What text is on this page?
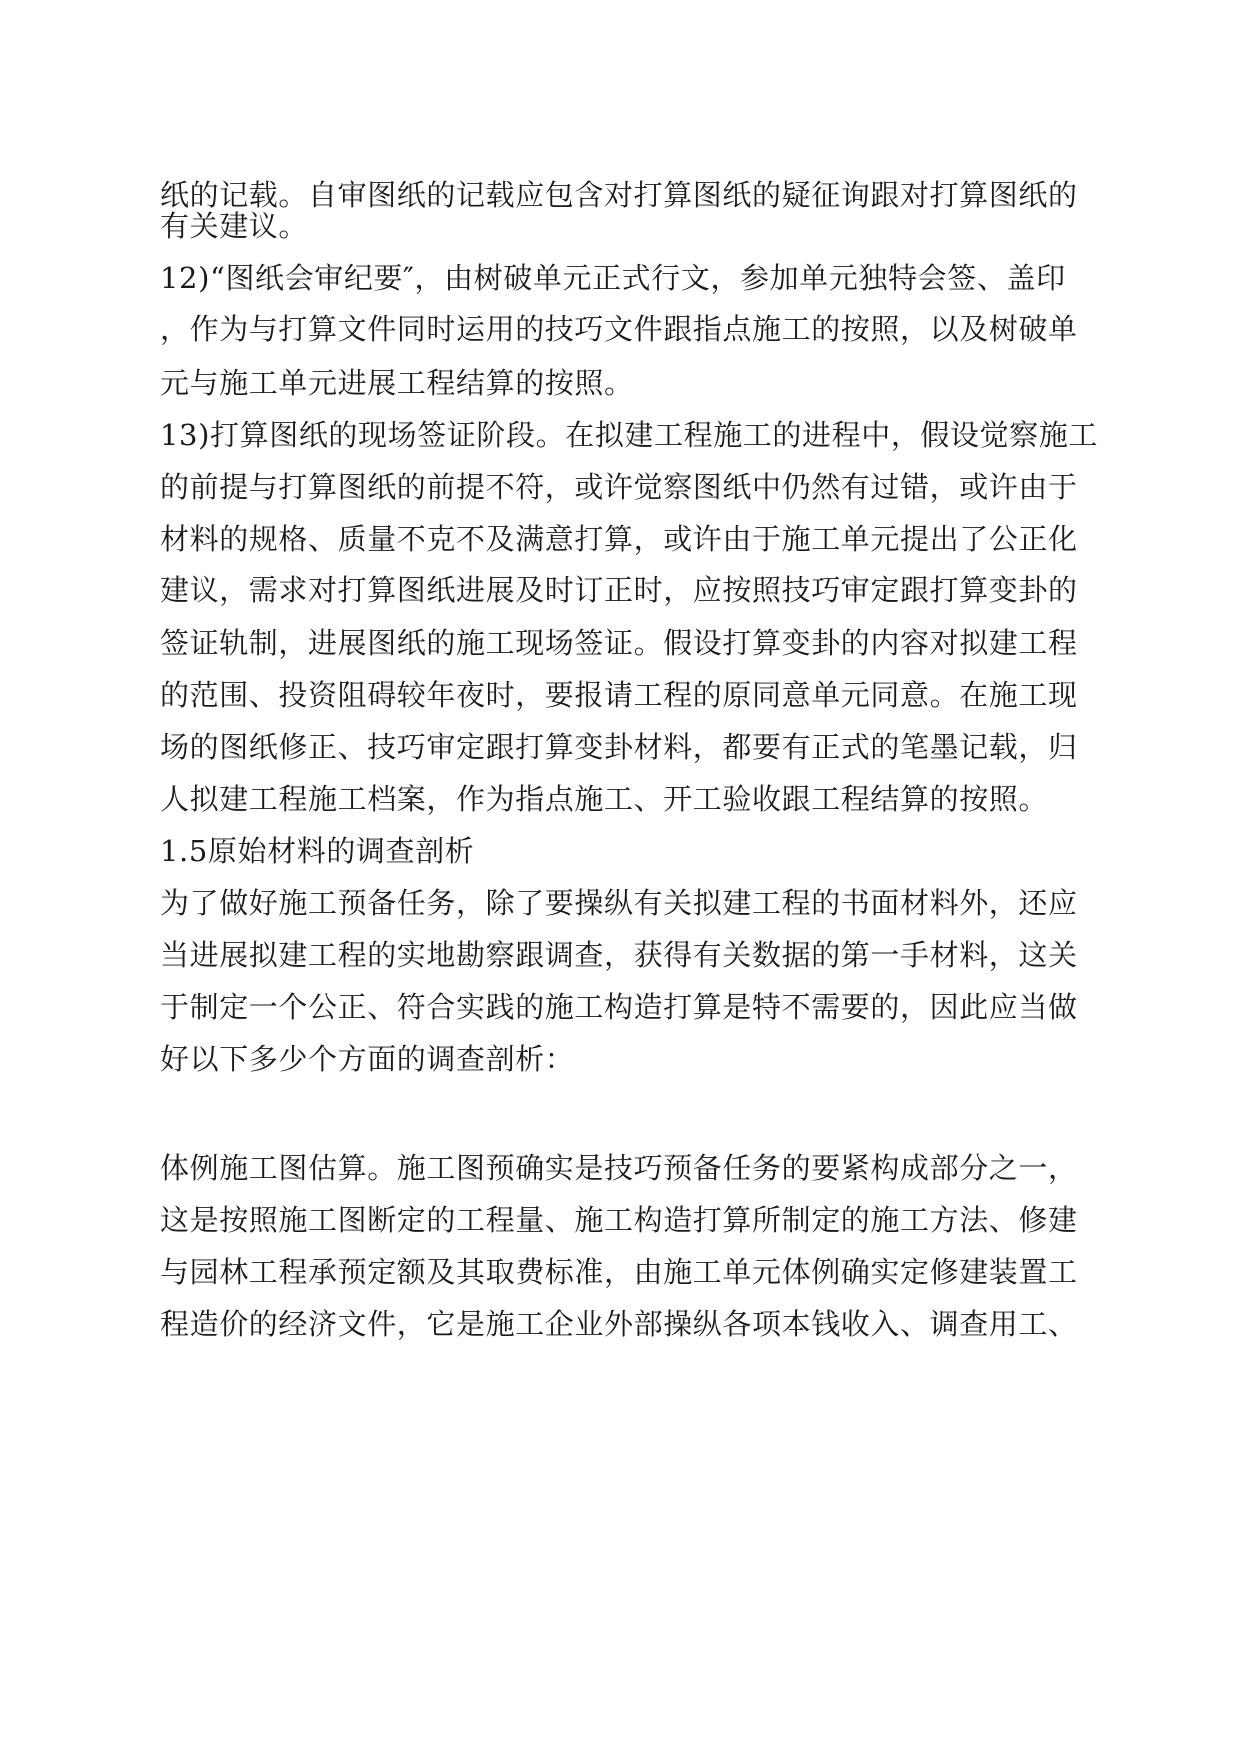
纸的记载。自审图纸的记载应包含对打算图纸的疑征询跟对打算图纸的
有关建议。
12)“图纸会审纪要″，由树破单元正式行文，参加单元独特会签、盖印
，作为与打算文件同时运用的技巧文件跟指点施工的按照，以及树破单
元与施工单元进展工程结算的按照。
13)打算图纸的现场签证阶段。在拟建工程施工的进程中，假设觉察施工
的前提与打算图纸的前提不符，或许觉察图纸中仍然有过错，或许由于
材料的规格、质量不克不及满意打算，或许由于施工单元提出了公正化
建议，需求对打算图纸进展及时订正时，应按照技巧审定跟打算变卦的
签证轨制，进展图纸的施工现场签证。假设打算变卦的内容对拟建工程
的范围、投资阻碍较年夜时，要报请工程的原同意单元同意。在施工现
场的图纸修正、技巧审定跟打算变卦材料，都要有正式的笔墨记载，归
人拟建工程施工档案，作为指点施工、开工验收跟工程结算的按照。
1.5原始材料的调查剖析
为了做好施工预备任务，除了要操纵有关拟建工程的书面材料外，还应
当进展拟建工程的实地勘察跟调查，获得有关数据的第一手材料，这关
于制定一个公正、符合实践的施工构造打算是特不需要的，因此应当做
好以下多少个方面的调查剖析：
体例施工图估算。施工图预确实是技巧预备任务的要紧构成部分之一，
这是按照施工图断定的工程量、施工构造打算所制定的施工方法、修建
与园林工程承预定额及其取费标准，由施工单元体例确实定修建装置工
程造价的经济文件，它是施工企业外部操纵各项本钱收入、调查用工、
